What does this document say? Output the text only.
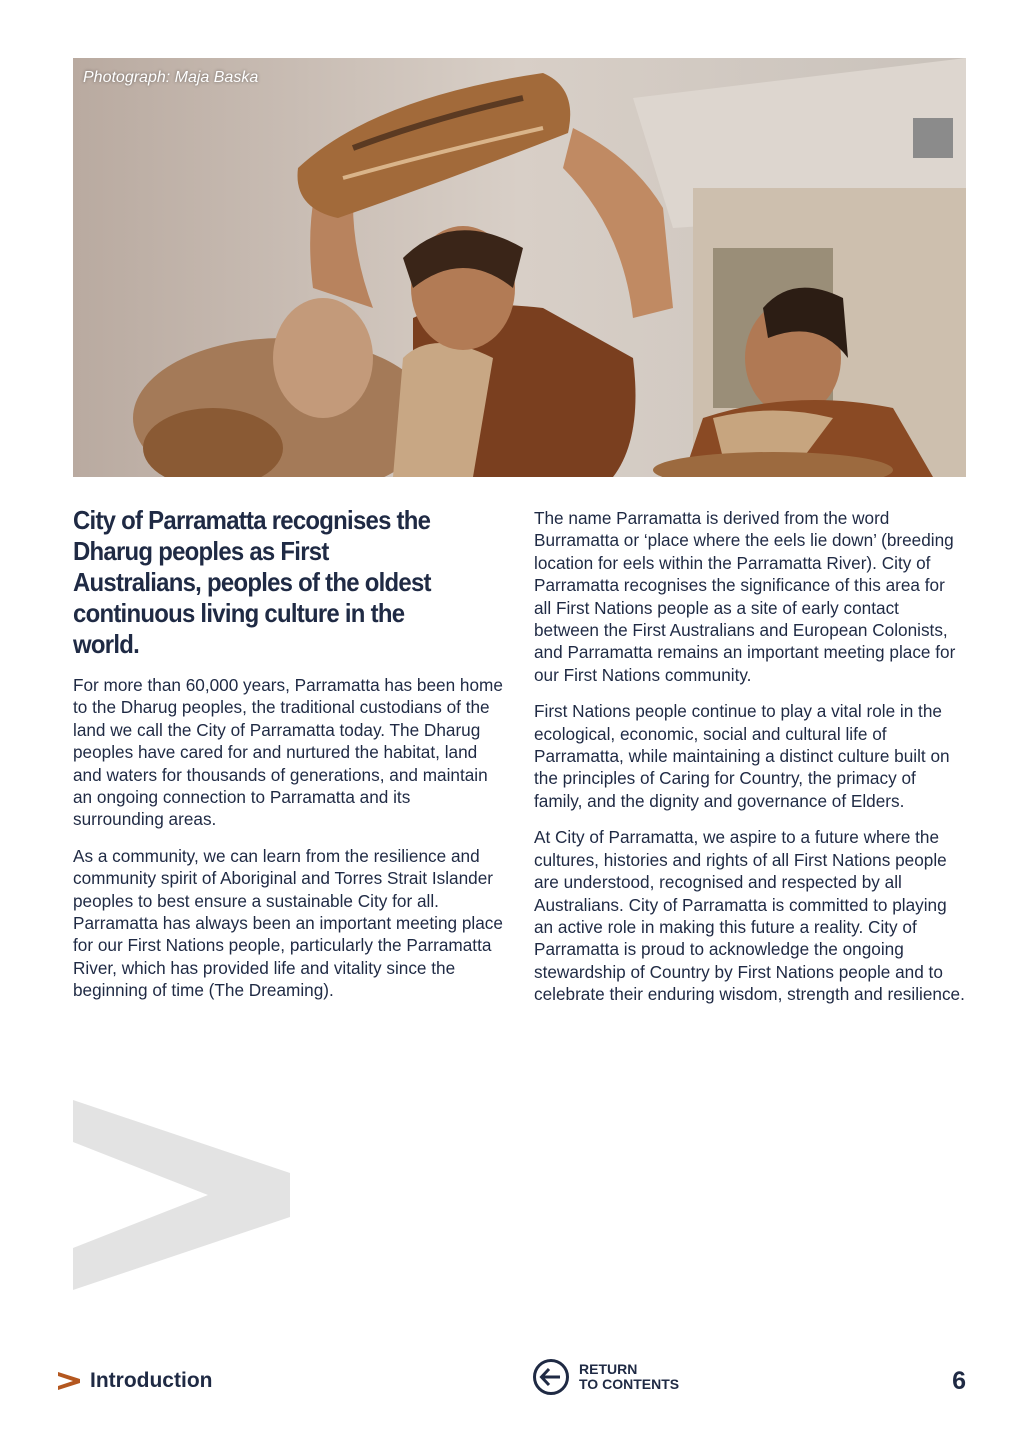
Photograph: Maja Baska
City of Parramatta recognises the Dharug peoples as First Australians, peoples of the oldest continuous living culture in the world.

For more than 60,000 years, Parramatta has been home to the Dharug peoples, the traditional custodians of the land we call the City of Parramatta today. The Dharug peoples have cared for and nurtured the habitat, land and waters for thousands of generations, and maintain an ongoing connection to Parramatta and its surrounding areas.

As a community, we can learn from the resilience and community spirit of Aboriginal and Torres Strait Islander peoples to best ensure a sustainable City for all. Parramatta has always been an important meeting place for our First Nations people, particularly the Parramatta River, which has provided life and vitality since the beginning of time (The Dreaming).

The name Parramatta is derived from the word Burramatta or ‘place where the eels lie down’ (breeding location for eels within the Parramatta River). City of Parramatta recognises the significance of this area for all First Nations people as a site of early contact between the First Australians and European Colonists, and Parramatta remains an important meeting place for our First Nations community.

First Nations people continue to play a vital role in the ecological, economic, social and cultural life of Parramatta, while maintaining a distinct culture built on the principles of Caring for Country, the primacy of family, and the dignity and governance of Elders.

At City of Parramatta, we aspire to a future where the cultures, histories and rights of all First Nations people are understood, recognised and respected by all Australians. City of Parramatta is committed to playing an active role in making this future a reality. City of Parramatta is proud to acknowledge the ongoing stewardship of Country by First Nations people and to celebrate their enduring wisdom, strength and resilience.

Introduction	RETURN
TO CONTENTS	6
